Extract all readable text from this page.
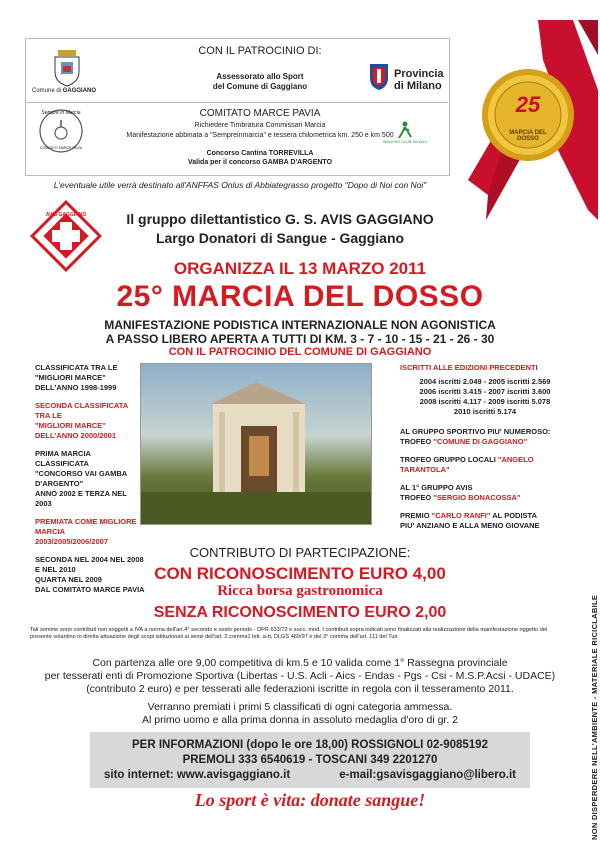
CON IL PATROCINIO DI:
Comune di GAGGIANO
Assessorato allo Sport
del Comune di Gaggiano
Provincia
di Milano
Sempre in Marcia
COMITATO MARCE PAVIA
COMITATO MARCE PAVIA
Richiedere Timbratura Commissari Marcia
Manifestazione abbinata a "Sempreinmarcia" e tessera chilometrica km. 250 e km 500
Concorso Cantina TORREVILLA
Valida per il concorso GAMBA D'ARGENTO
WALKING CLUB MILANO
25
MARCIA DEL DOSSO
L'eventuale utile verrà destinato all'ANFFAS Onlus di Abbiategrasso progetto "Dopo di Noi con Noi"
AVIS GAGGIANO	Il gruppo dilettantistico G. S. AVIS GAGGIANO
Largo Donatori di Sangue - Gaggiano
ORGANIZZA IL 13 MARZO 2011
25° MARCIA DEL DOSSO
MANIFESTAZIONE PODISTICA INTERNAZIONALE NON AGONISTICA
A PASSO LIBERO APERTA A TUTTI DI KM. 3 - 7 - 10 - 15 - 21 - 26 - 30
CON IL PATROCINIO DEL COMUNE DI GAGGIANO
CLASSIFICATA TRA LE "MIGLIORI MARCE"
DELL'ANNO 1998-1999
SECONDA CLASSIFICATA TRA LE
"MIGLIORI MARCE"
DELL'ANNO 2000/2001
PRIMA MARCIA CLASSIFICATA
"CONCORSO VAI GAMBA D'ARGENTO"
ANNO 2002 E TERZA NEL 2003
PREMIATA COME MIGLIORE MARCIA
2003/2005/2006/2007
SECONDA NEL 2004 NEL 2008 E NEL 2010
QUARTA NEL 2009
DAL COMITATO MARCE PAVIA
ISCRITTI ALLE EDIZIONI PRECEDENTI
2004 iscritti 2.049 - 2005 iscritti 2.569
2006 iscritti 3.415 - 2007 iscritti 3.600
2008 iscritti 4.117 - 2009 iscritti 5.078
2010 iscritti 5.174
AL GRUPPO SPORTIVO PIU' NUMEROSO:
TROFEO "COMUNE DI GAGGIANO"
TROFEO GRUPPO LOCALI "ANGELO TARANTOLA"
AL 1° GRUPPO AVIS
TROFEO "SERGIO BONACOSSA"
PREMIO "CARLO RANFI" AL PODISTA
PIU' ANZIANO E ALLA MENO GIOVANE
CONTRIBUTO DI PARTECIPAZIONE:
CON RICONOSCIMENTO EURO 4,00
Ricca borsa gastronomica
SENZA RICONOSCIMENTO EURO 2,00
Tali somme sono contributi non soggetti a IVA a norma dell'art.4° secondo e sesto periodo - DPR 633/72 e succ. mod. I contributi sopra indicati sono finalizzati alla realizzazione della manifestazione oggetto del presente volantino in diretta attuazione degli scopi istituzionali ai sensi dell'art. 2 comma1 lett. a-b, DLGS 460/97 e del 3° comma dell'art. 111 del Tuir
Con partenza alle ore 9,00 competitiva di km.5 e 10 valida come 1° Rassegna provinciale
per tesserati enti di Promozione Sportiva (Libertas - U.S. Acli - Aics - Endas - Pgs - Csi - M.S.P.Acsi - UDACE)
(contributo 2 euro) e per tesserati alle federazioni iscritte in regola con il tesseramento 2011.
Verranno premiati i primi 5 classificati di ogni categoria ammessa.
Al primo uomo e alla prima donna in assoluto medaglia d'oro di gr. 2
PER INFORMAZIONI (dopo le ore 18,00) ROSSIGNOLI 02-9085192
PREMOLI 333 6540619 - TOSCANI 349 2201270
sito internet: www.avisgaggiano.it	e-mail:gsavisgaggiano@libero.it
Lo sport è vita: donate sangue!	NON DISPERDERE NELL'AMBIENTE - MATERIALE RICICLABILE
